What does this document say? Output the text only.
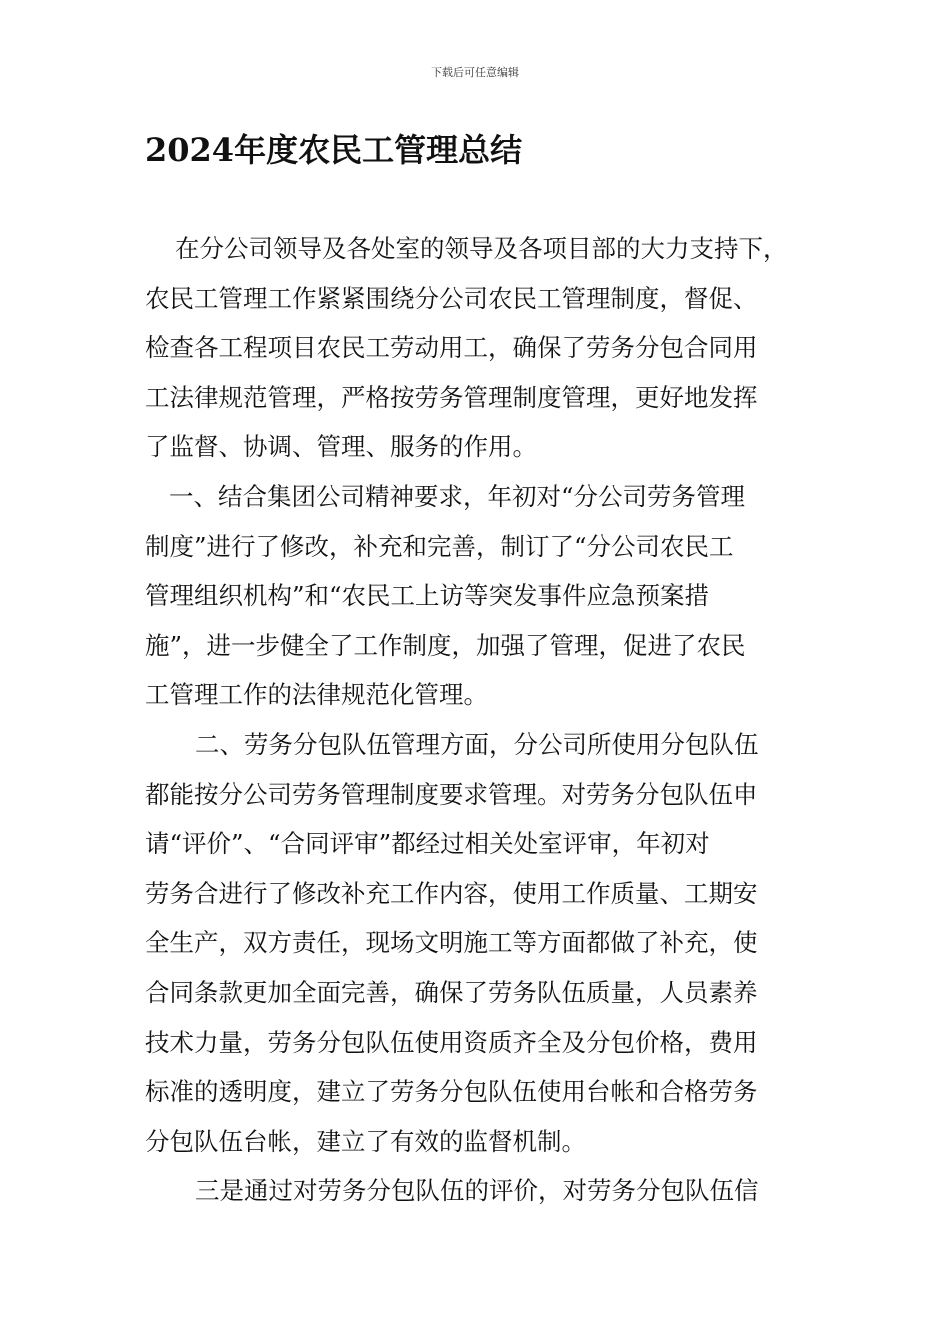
下载后可任意编辑
2024年度农民工管理总结
在分公司领导及各处室的领导及各项目部的大力支持下，
农民工管理工作紧紧围绕分公司农民工管理制度，督促、
检查各工程项目农民工劳动用工，确保了劳务分包合同用
工法律规范管理，严格按劳务管理制度管理，更好地发挥
了监督、协调、管理、服务的作用。
一、结合集团公司精神要求，年初对“分公司劳务管理
制度”进行了修改，补充和完善，制订了“分公司农民工
管理组织机构”和“农民工上访等突发事件应急预案措
施”，进一步健全了工作制度，加强了管理，促进了农民
工管理工作的法律规范化管理。
二、劳务分包队伍管理方面，分公司所使用分包队伍
都能按分公司劳务管理制度要求管理。对劳务分包队伍申
请“评价”、“合同评审”都经过相关处室评审，年初对
劳务合进行了修改补充工作内容，使用工作质量、工期安
全生产，双方责任，现场文明施工等方面都做了补充，使
合同条款更加全面完善，确保了劳务队伍质量，人员素养
技术力量，劳务分包队伍使用资质齐全及分包价格，费用
标准的透明度，建立了劳务分包队伍使用台帐和合格劳务
分包队伍台帐，建立了有效的监督机制。
三是通过对劳务分包队伍的评价，对劳务分包队伍信
